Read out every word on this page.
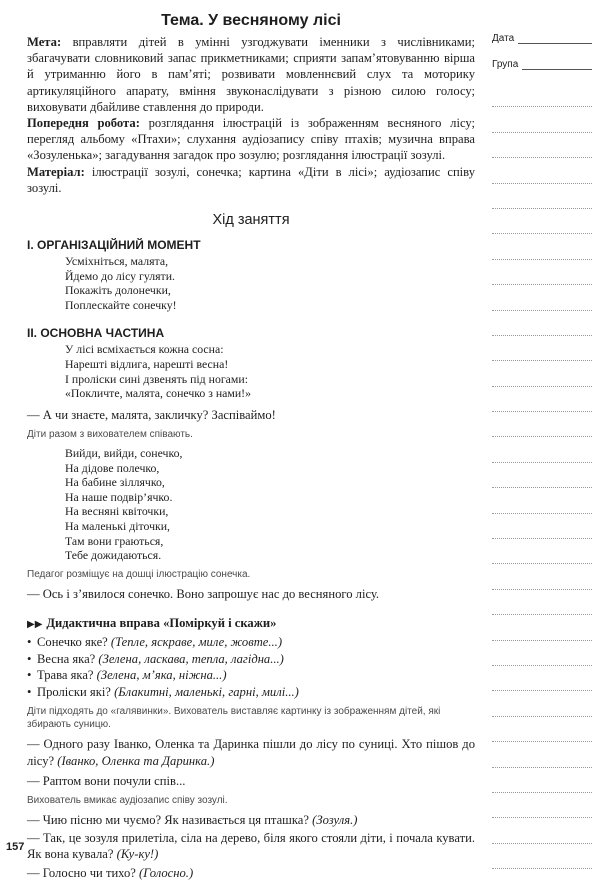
Тема. У весняному лісі

Мета: вправляти дітей в умінні узгоджувати іменники з числівниками; збагачувати словниковий запас прикметниками; сприяти запам’ятовуванню вірша й утриманню його в пам’яті; розвивати мовленнєвий слух та моторику артикуляційного апарату, вміння звуконаслідувати з різною силою голосу; виховувати дбайливе ставлення до природи.

Попередня робота: розглядання ілюстрацій із зображенням весняного лісу; перегляд альбому «Птахи»; слухання аудіозапису співу птахів; музична вправа «Зозуленька»; загадування загадок про зозулю; розглядання ілюстрації зозулі.

Матеріал: ілюстрації зозулі, сонечка; картина «Діти в лісі»; аудіозапис співу зозулі.

Хід заняття
I. ОРГАНІЗАЦІЙНИЙ МОМЕНТ
Усміхніться, малята,
Йдемо до лісу гуляти.
Покажіть долонечки,
Поплескайте сонечку!
II. ОСНОВНА ЧАСТИНА
У лісі всміхається кожна сосна:
Нарешті відлига, нарешті весна!
І проліски сині дзвенять під ногами:
«Покличте, малята, сонечко з нами!»

— А чи знаєте, малята, закличку? Заспіваймо!

Діти разом з вихователем співають.
Вийди, вийди, сонечко,
На дідове полечко,
На бабине зіллячко,
На наше подвір’ячко.
На весняні квіточки,
На маленькі діточки,
Там вони граються,
Тебе дожидаються.
Педагог розміщує на дошці ілюстрацію сонечка.

— Ось і з’явилося сонечко. Воно запрошує нас до весняного лісу.

▶▶ Дидактична вправа «Поміркуй і скажи»
• Сонечко яке? (Тепле, яскраве, миле, жовте...)
• Весна яка? (Зелена, ласкава, тепла, лагідна...)
• Трава яка? (Зелена, м’яка, ніжна...)
• Проліски які? (Блакитні, маленькі, гарні, милі...)
Діти підходять до «галявинки». Вихователь виставляє картинку із зображенням дітей, які збирають суницю.

— Одного разу Іванко, Оленка та Даринка пішли до лісу по суниці. Хто пішов до лісу? (Іванко, Оленка та Даринка.)

— Раптом вони почули спів...

Вихователь вмикає аудіозапис співу зозулі.

— Чию пісню ми чуємо? Як називається ця пташка? (Зозуля.)

— Так, це зозуля прилетіла, сіла на дерево, біля якого стояли діти, і почала кувати. Як вона кувала? (Ку-ку!)

— Голосно чи тихо? (Голосно.)

Дата
Група
157
